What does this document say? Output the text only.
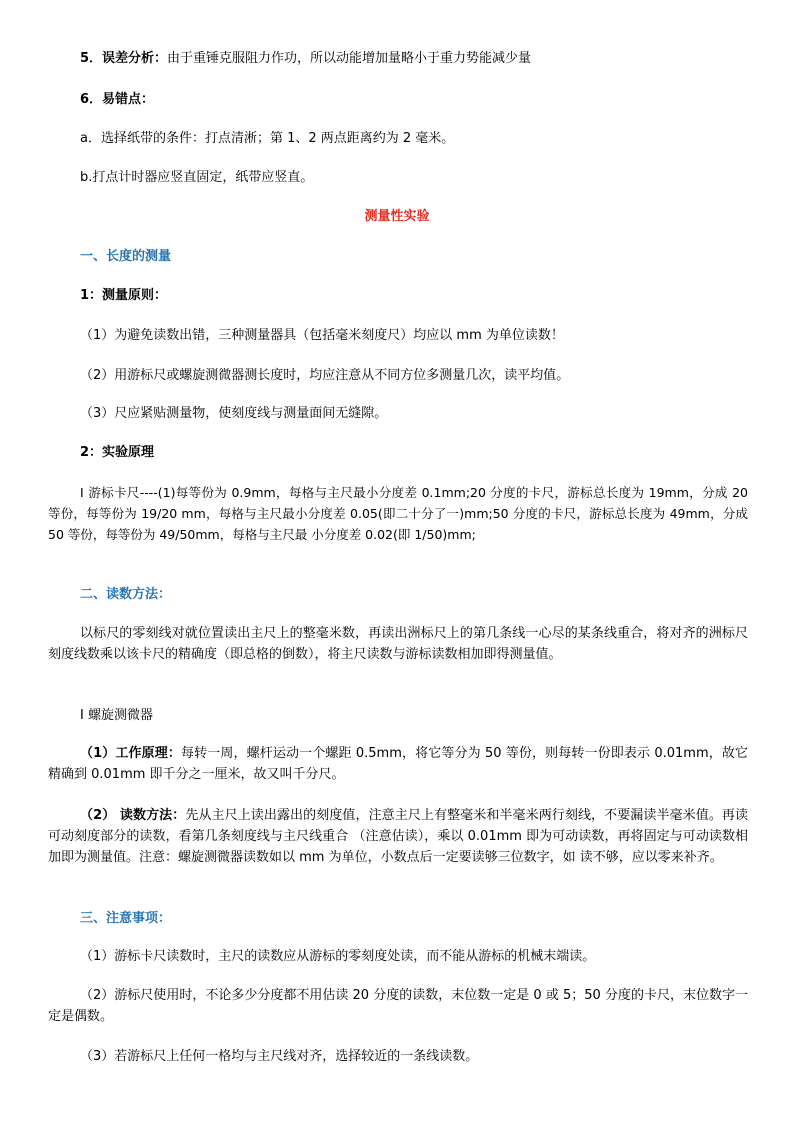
5．误差分析：由于重锤克服阻力作功，所以动能增加量略小于重力势能减少量
6．易错点：
a．选择纸带的条件：打点清淅；第 1、2 两点距离约为 2 毫米。
b.打点计时器应竖直固定，纸带应竖直。
测量性实验
一、长度的测量
1：测量原则：
（1）为避免读数出错，三种测量器具（包括毫米刻度尺）均应以 mm 为单位读数！
（2）用游标尺或螺旋测微器测长度时，均应注意从不同方位多测量几次，读平均值。
（3）尺应紧贴测量物，使刻度线与测量面间无缝隙。
2：实验原理
Ⅰ 游标卡尺----(1)每等份为 0.9mm，每格与主尺最小分度差 0.1mm;20 分度的卡尺，游标总长度为 19mm，分成 20 等份，每等份为 19/20 mm，每格与主尺最小分度差 0.05(即二十分了一)mm;50 分度的卡尺，游标总长度为 49mm，分成 50 等份，每等份为 49/50mm，每格与主尺最 小分度差 0.02(即 1/50)mm;
二、读数方法：
以标尺的零刻线对就位置读出主尺上的整毫米数，再读出洲标尺上的第几条线一心尽的某条线重合，将对齐的洲标尺刻度线数乘以该卡尺的精确度（即总格的倒数），将主尺读数与游标读数相加即得测量值。
Ⅰ 螺旋测微器
（1）工作原理：每转一周，螺杆运动一个螺距 0.5mm，将它等分为 50 等份，则每转一份即表示 0.01mm，故它精确到 0.01mm 即千分之一厘米，故又叫千分尺。
（2） 读数方法：先从主尺上读出露出的刻度值，注意主尺上有整毫米和半毫米两行刻线，不要漏读半毫米值。再读可动刻度部分的读数，看第几条刻度线与主尺线重合 （注意估读），乘以 0.01mm 即为可动读数，再将固定与可动读数相加即为测量值。注意：螺旋测微器读数如以 mm 为单位，小数点后一定要读够三位数字，如 读不够，应以零来补齐。
三、注意事项：
（1）游标卡尺读数时，主尺的读数应从游标的零刻度处读，而不能从游标的机械末端读。
（2）游标尺使用时，不论多少分度都不用估读 20 分度的读数，末位数一定是 0 或 5；50 分度的卡尺，末位数字一定是偶数。
（3）若游标尺上任何一格均与主尺线对齐，选择较近的一条线读数。
